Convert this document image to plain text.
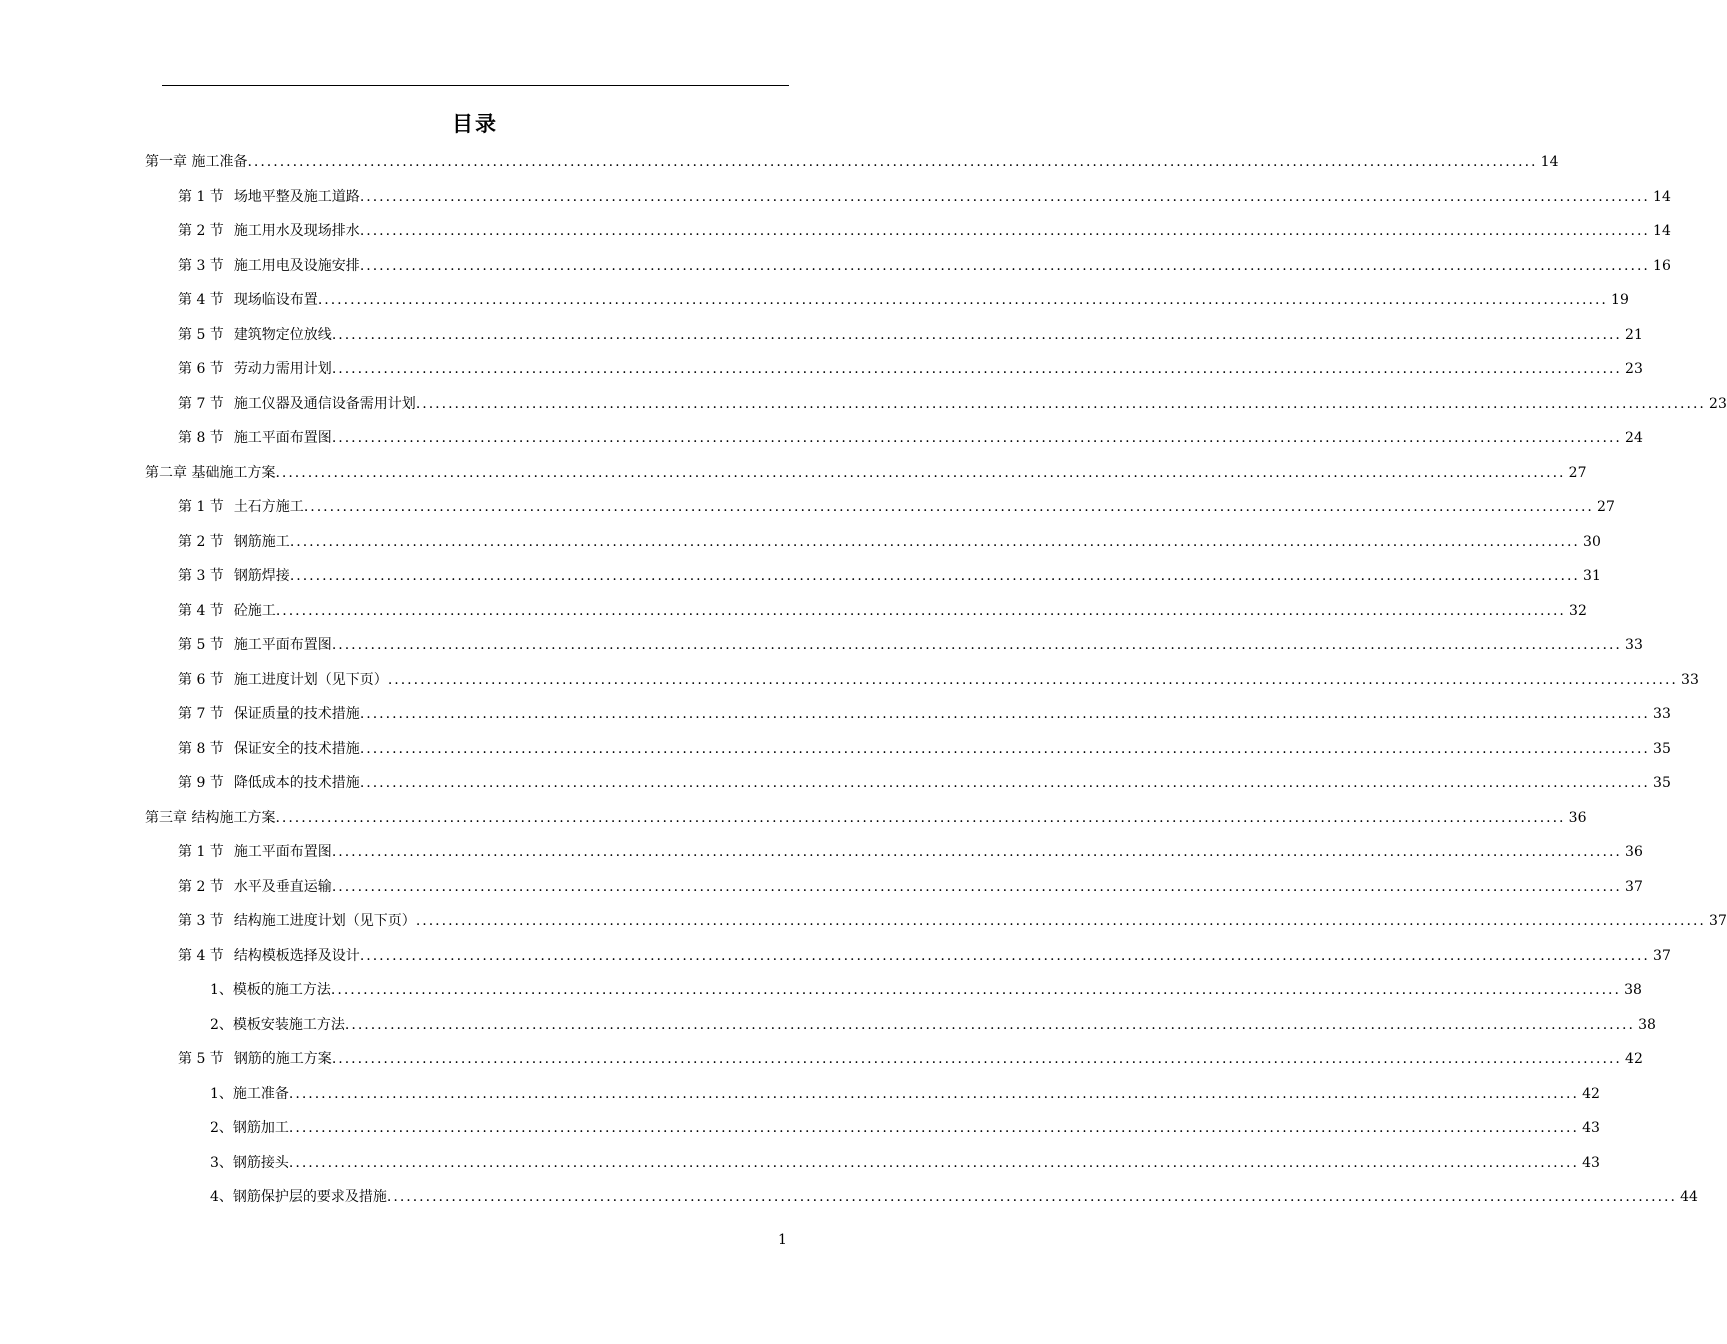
目录
第一章 施工准备 ........................................................................................................................................................................................................ 14
第 1 节 场地平整及施工道路 ........................................................................................................................................................................................................ 14
第 2 节 施工用水及现场排水 ........................................................................................................................................................................................................ 14
第 3 节 施工用电及设施安排 ........................................................................................................................................................................................................ 16
第 4 节 现场临设布置 ........................................................................................................................................................................................................ 19
第 5 节 建筑物定位放线 ........................................................................................................................................................................................................ 21
第 6 节 劳动力需用计划 ........................................................................................................................................................................................................ 23
第 7 节 施工仪器及通信设备需用计划 ........................................................................................................................................................................................................ 23
第 8 节 施工平面布置图 ........................................................................................................................................................................................................ 24
第二章 基础施工方案 ........................................................................................................................................................................................................ 27
第 1 节 土石方施工 ........................................................................................................................................................................................................ 27
第 2 节 钢筋施工 ........................................................................................................................................................................................................ 30
第 3 节 钢筋焊接 ........................................................................................................................................................................................................ 31
第 4 节 砼施工 ........................................................................................................................................................................................................ 32
第 5 节 施工平面布置图 ........................................................................................................................................................................................................ 33
第 6 节 施工进度计划（见下页） ........................................................................................................................................................................................................ 33
第 7 节 保证质量的技术措施 ........................................................................................................................................................................................................ 33
第 8 节 保证安全的技术措施 ........................................................................................................................................................................................................ 35
第 9 节 降低成本的技术措施 ........................................................................................................................................................................................................ 35
第三章 结构施工方案 ........................................................................................................................................................................................................ 36
第 1 节 施工平面布置图 ........................................................................................................................................................................................................ 36
第 2 节 水平及垂直运输 ........................................................................................................................................................................................................ 37
第 3 节 结构施工进度计划（见下页） ........................................................................................................................................................................................................ 37
第 4 节 结构模板选择及设计 ........................................................................................................................................................................................................ 37
1、 模板的施工方法 ........................................................................................................................................................................................................ 38
2、 模板安装施工方法 ........................................................................................................................................................................................................ 38
第 5 节 钢筋的施工方案 ........................................................................................................................................................................................................ 42
1、 施工准备 ........................................................................................................................................................................................................ 42
2、 钢筋加工 ........................................................................................................................................................................................................ 43
3、 钢筋接头 ........................................................................................................................................................................................................ 43
4、 钢筋保护层的要求及措施 ........................................................................................................................................................................................................ 44
1
